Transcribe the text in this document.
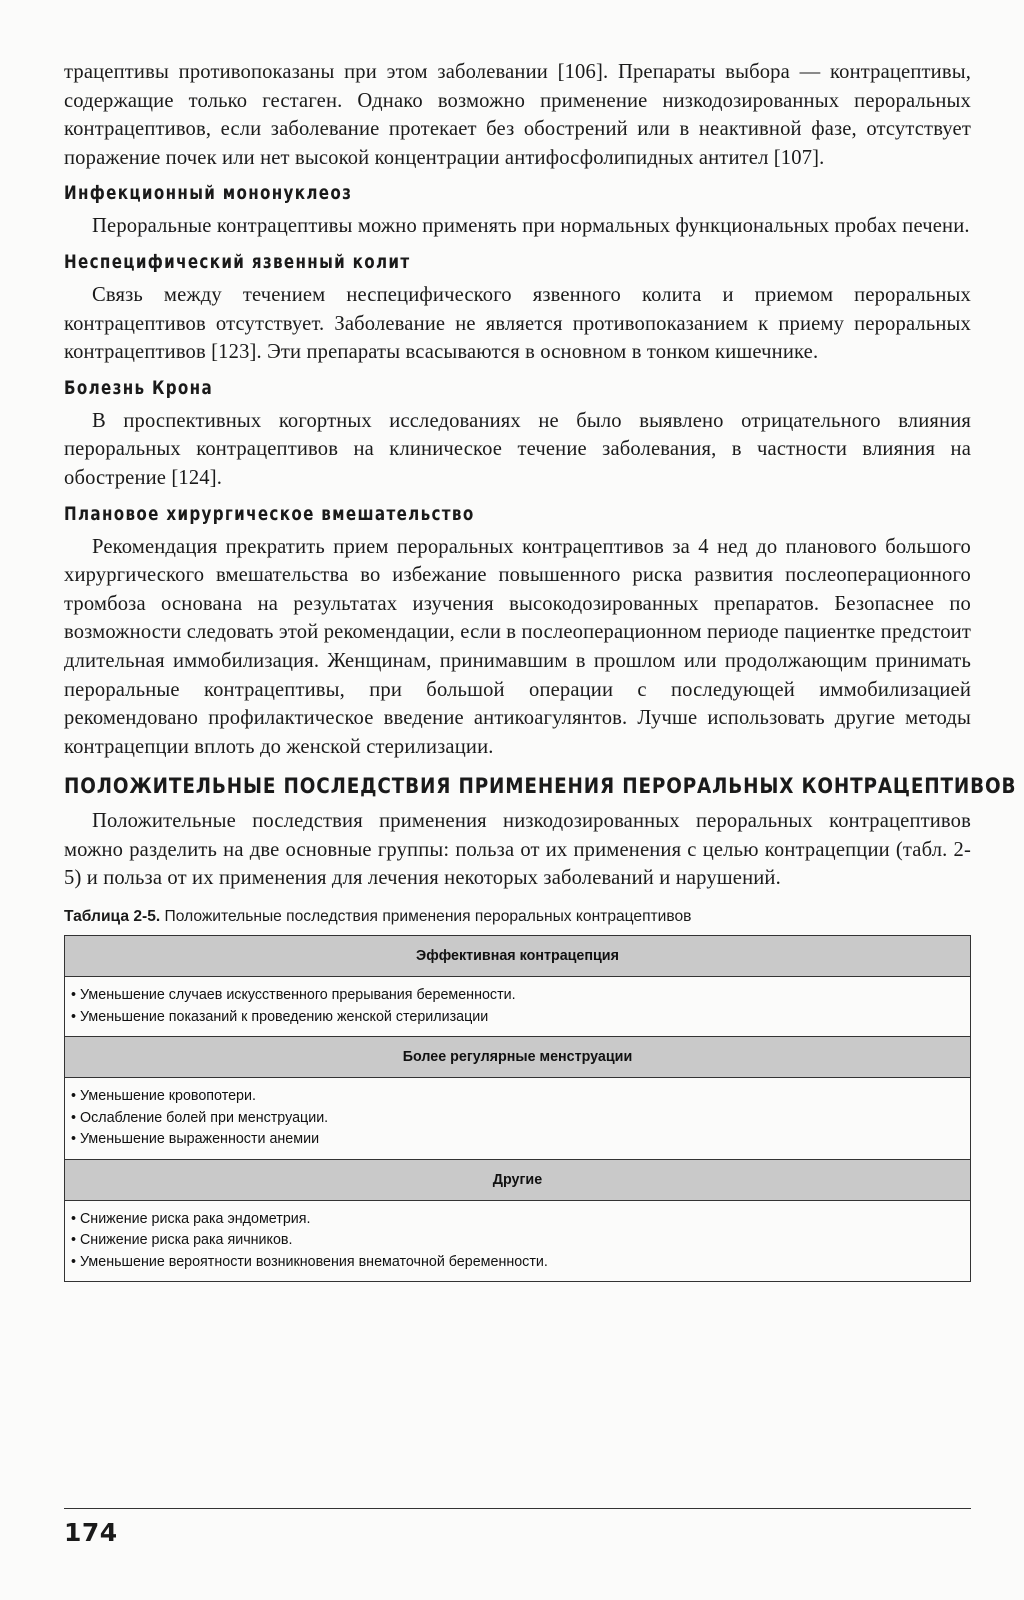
трацептивы противопоказаны при этом заболевании [106]. Препараты выбора — контрацептивы, содержащие только гестаген. Однако возможно применение низкодозированных пероральных контрацептивов, если заболевание протекает без обострений или в неактивной фазе, отсутствует поражение почек или нет высокой концентрации антифосфолипидных антител [107].

Инфекционный мононуклеоз

Пероральные контрацептивы можно применять при нормальных функциональных пробах печени.

Неспецифический язвенный колит

Связь между течением неспецифического язвенного колита и приемом пероральных контрацептивов отсутствует. Заболевание не является противопоказанием к приему пероральных контрацептивов [123]. Эти препараты всасываются в основном в тонком кишечнике.

Болезнь Крона

В проспективных когортных исследованиях не было выявлено отрицательного влияния пероральных контрацептивов на клиническое течение заболевания, в частности влияния на обострение [124].

Плановое хирургическое вмешательство

Рекомендация прекратить прием пероральных контрацептивов за 4 нед до планового большого хирургического вмешательства во избежание повышенного риска развития послеоперационного тромбоза основана на результатах изучения высокодозированных препаратов. Безопаснее по возможности следовать этой рекомендации, если в послеоперационном периоде пациентке предстоит длительная иммобилизация. Женщинам, принимавшим в прошлом или продолжающим принимать пероральные контрацептивы, при большой операции с последующей иммобилизацией рекомендовано профилактическое введение антикоагулянтов. Лучше использовать другие методы контрацепции вплоть до женской стерилизации.

ПОЛОЖИТЕЛЬНЫЕ ПОСЛЕДСТВИЯ ПРИМЕНЕНИЯ ПЕРОРАЛЬНЫХ КОНТРАЦЕПТИВОВ

Положительные последствия применения низкодозированных пероральных контрацептивов можно разделить на две основные группы: польза от их применения с целью контрацепции (табл. 2-5) и польза от их применения для лечения некоторых заболеваний и нарушений.

Таблица 2-5. Положительные последствия применения пероральных контрацептивов
Эффективная контрацепция

• Уменьшение случаев искусственного прерывания беременности.
• Уменьшение показаний к проведению женской стерилизации

Более регулярные менструации

• Уменьшение кровопотери.
• Ослабление болей при менструации.
• Уменьшение выраженности анемии

Другие

• Снижение риска рака эндометрия.
• Снижение риска рака яичников.
• Уменьшение вероятности возникновения внематочной беременности.
174
